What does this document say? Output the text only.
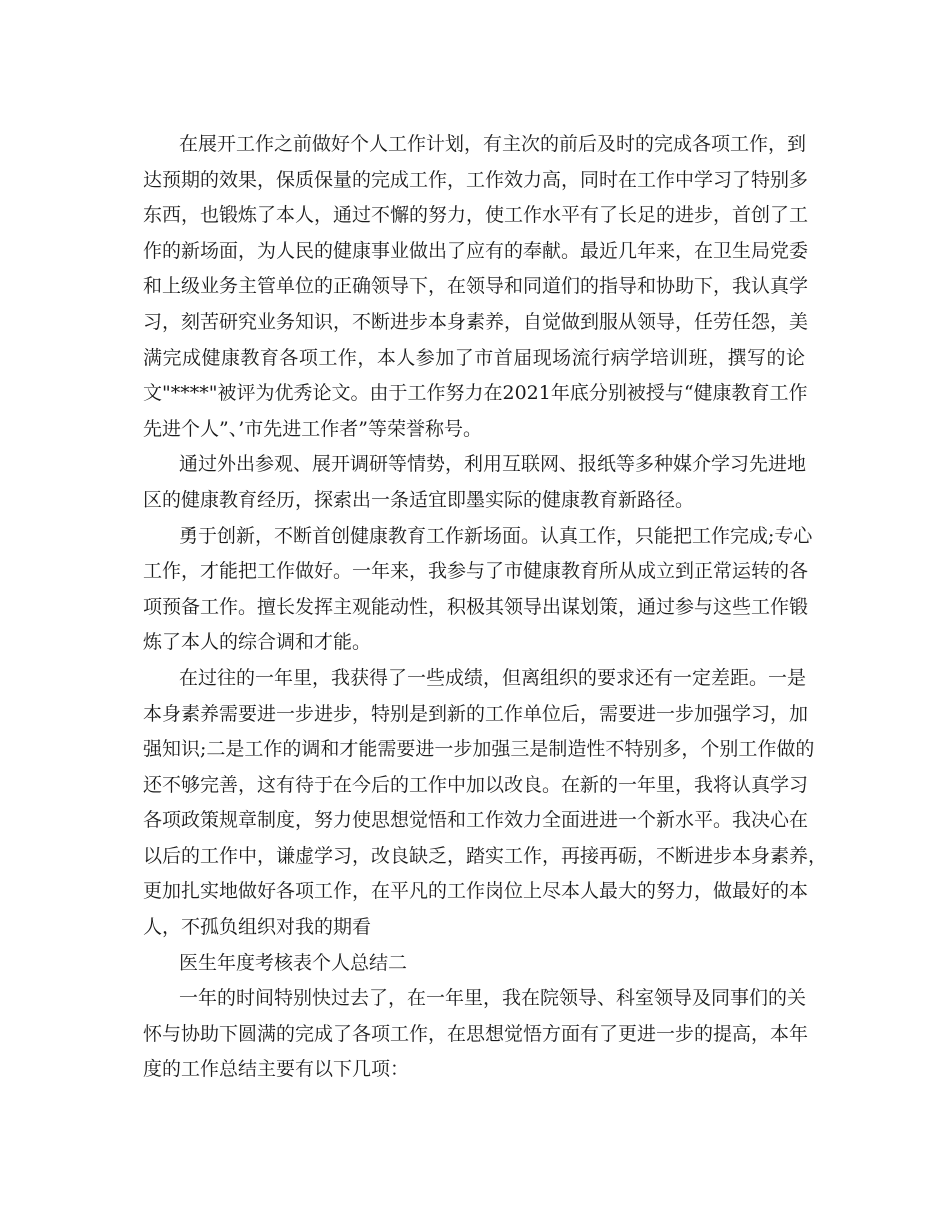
在展开工作之前做好个人工作计划，有主次的前后及时的完成各项工作，到
达预期的效果，保质保量的完成工作，工作效力高，同时在工作中学习了特别多
东西，也锻炼了本人，通过不懈的努力，使工作水平有了长足的进步，首创了工
作的新场面，为人民的健康事业做出了应有的奉献。最近几年来，在卫生局党委
和上级业务主管单位的正确领导下，在领导和同道们的指导和协助下，我认真学
习，刻苦研究业务知识，不断进步本身素养，自觉做到服从领导，任劳任怨，美
满完成健康教育各项工作，本人参加了市首届现场流行病学培训班，撰写的论
文"****"被评为优秀论文。由于工作努力在2021年底分别被授与“健康教育工作
先进个人”、’市先进工作者”等荣誉称号。
通过外出参观、展开调研等情势，利用互联网、报纸等多种媒介学习先进地
区的健康教育经历，探索出一条适宜即墨实际的健康教育新路径。
勇于创新，不断首创健康教育工作新场面。认真工作，只能把工作完成;专心
工作，才能把工作做好。一年来，我参与了市健康教育所从成立到正常运转的各
项预备工作。擅长发挥主观能动性，积极其领导出谋划策，通过参与这些工作锻
炼了本人的综合调和才能。
在过往的一年里，我获得了一些成绩，但离组织的要求还有一定差距。一是
本身素养需要进一步进步，特别是到新的工作单位后，需要进一步加强学习，加
强知识;二是工作的调和才能需要进一步加强三是制造性不特别多，个别工作做的
还不够完善，这有待于在今后的工作中加以改良。在新的一年里，我将认真学习
各项政策规章制度，努力使思想觉悟和工作效力全面进进一个新水平。我决心在
以后的工作中，谦虚学习，改良缺乏，踏实工作，再接再砺，不断进步本身素养，
更加扎实地做好各项工作，在平凡的工作岗位上尽本人最大的努力，做最好的本
人，不孤负组织对我的期看
医生年度考核表个人总结二
一年的时间特别快过去了，在一年里，我在院领导、科室领导及同事们的关
怀与协助下圆满的完成了各项工作，在思想觉悟方面有了更进一步的提高，本年
度的工作总结主要有以下几项：
